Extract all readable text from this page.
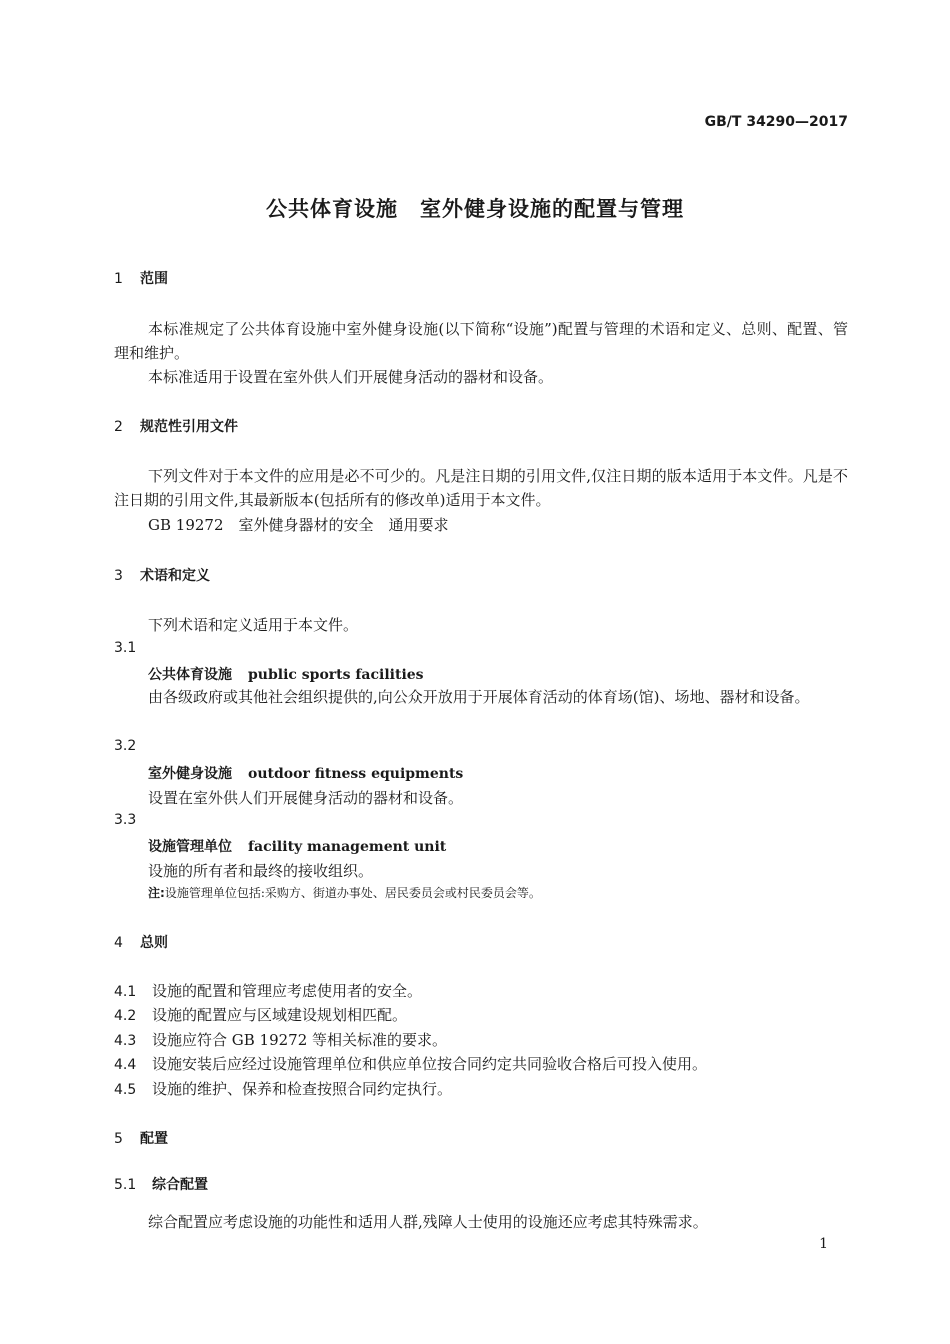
GB/T 34290—2017
公共体育设施　室外健身设施的配置与管理
1 范围
本标准规定了公共体育设施中室外健身设施(以下简称“设施”)配置与管理的术语和定义、总则、配置、管理和维护。
本标准适用于设置在室外供人们开展健身活动的器材和设备。
2 规范性引用文件
下列文件对于本文件的应用是必不可少的。凡是注日期的引用文件,仅注日期的版本适用于本文件。凡是不注日期的引用文件,其最新版本(包括所有的修改单)适用于本文件。
GB 19272　室外健身器材的安全　通用要求
3 术语和定义
下列术语和定义适用于本文件。
3.1
公共体育设施 public sports facilities
由各级政府或其他社会组织提供的,向公众开放用于开展体育活动的体育场(馆)、场地、器材和设备。
3.2
室外健身设施 outdoor fitness equipments
设置在室外供人们开展健身活动的器材和设备。
3.3
设施管理单位 facility management unit
设施的所有者和最终的接收组织。
注:设施管理单位包括:采购方、街道办事处、居民委员会或村民委员会等。
4 总则
4.1 设施的配置和管理应考虑使用者的安全。
4.2 设施的配置应与区域建设规划相匹配。
4.3 设施应符合 GB 19272 等相关标准的要求。
4.4 设施安装后应经过设施管理单位和供应单位按合同约定共同验收合格后可投入使用。
4.5 设施的维护、保养和检查按照合同约定执行。
5 配置
5.1 综合配置
综合配置应考虑设施的功能性和适用人群,残障人士使用的设施还应考虑其特殊需求。
1
